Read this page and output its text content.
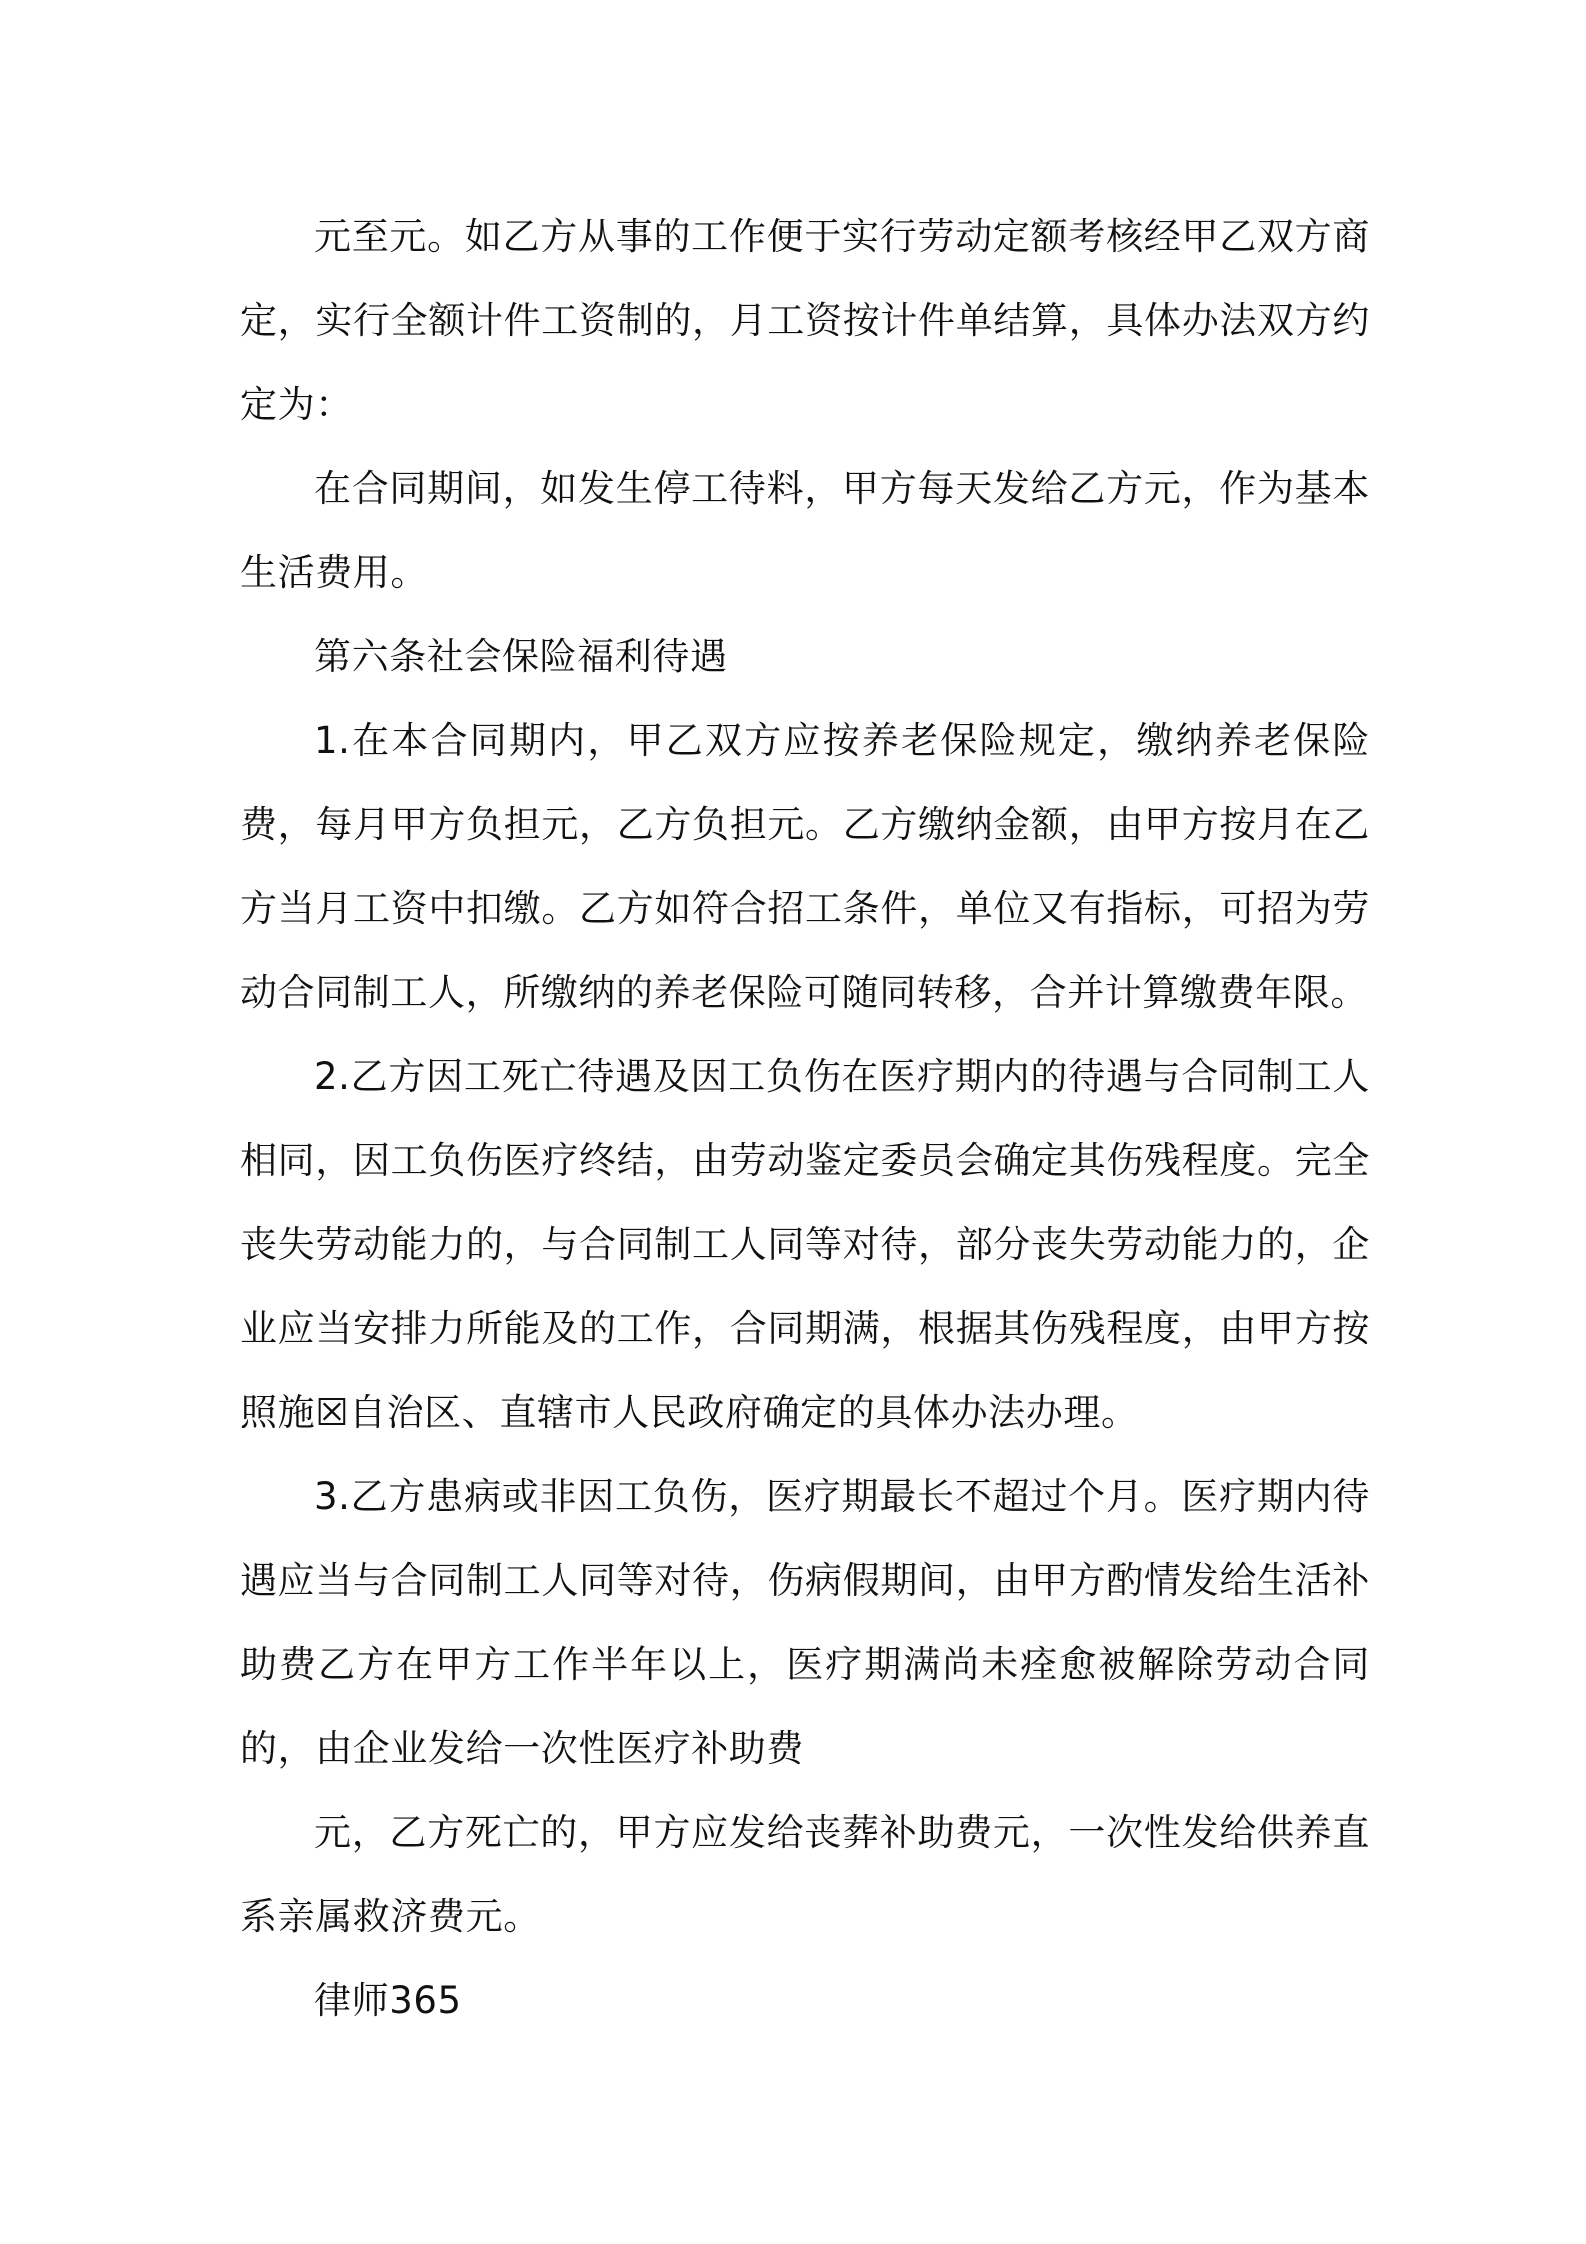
元至元。如乙方从事的工作便于实行劳动定额考核经甲乙双方商定，实行全额计件工资制的，月工资按计件单结算，具体办法双方约定为：

在合同期间，如发生停工待料，甲方每天发给乙方元，作为基本生活费用。

第六条社会保险福利待遇

1.在本合同期内，甲乙双方应按养老保险规定，缴纳养老保险费，每月甲方负担元，乙方负担元。乙方缴纳金额，由甲方按月在乙方当月工资中扣缴。乙方如符合招工条件，单位又有指标，可招为劳动合同制工人，所缴纳的养老保险可随同转移，合并计算缴费年限。

2.乙方因工死亡待遇及因工负伤在医疗期内的待遇与合同制工人相同，因工负伤医疗终结，由劳动鉴定委员会确定其伤残程度。完全丧失劳动能力的，与合同制工人同等对待，部分丧失劳动能力的，企业应当安排力所能及的工作，合同期满，根据其伤残程度，由甲方按照施☒自治区、直辖市人民政府确定的具体办法办理。

3.乙方患病或非因工负伤，医疗期最长不超过个月。医疗期内待遇应当与合同制工人同等对待，伤病假期间，由甲方酌情发给生活补助费乙方在甲方工作半年以上，医疗期满尚未痊愈被解除劳动合同的，由企业发给一次性医疗补助费

元，乙方死亡的，甲方应发给丧葬补助费元，一次性发给供养直系亲属救济费元。

律师365
